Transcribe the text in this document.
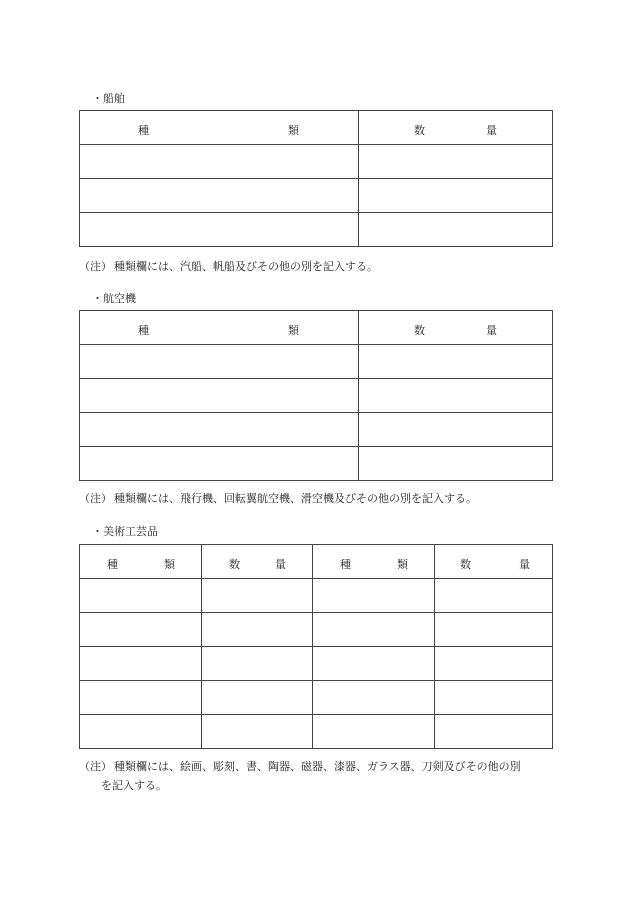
・船舶
種 類	数 量

（注） 種類欄には、汽船、帆船及びその他の別を記入する。
・航空機
種 類	数 量

（注） 種類欄には、飛行機、回転翼航空機、滑空機及びその他の別を記入する。
・美術工芸品
種 類	数 量	種 類	数 量

（注） 種類欄には、絵画、彫刻、書、陶器、磁器、漆器、ガラス器、刀剣及びその他の別
を記入する。
